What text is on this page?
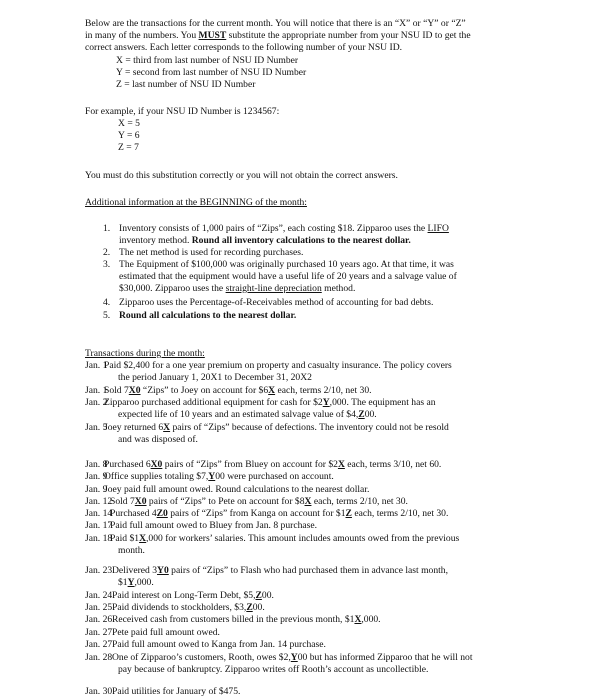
Below are the transactions for the current month. You will notice that there is an “X” or “Y” or “Z”
in many of the numbers. You MUST substitute the appropriate number from your NSU ID to get the
correct answers. Each letter corresponds to the following number of your NSU ID.
X = third from last number of NSU ID Number
Y = second from last number of NSU ID Number
Z = last number of NSU ID Number
For example, if your NSU ID Number is 1234567:
X = 5
Y = 6
Z = 7
You must do this substitution correctly or you will not obtain the correct answers.
Additional information at the BEGINNING of the month:
1. Inventory consists of 1,000 pairs of “Zips”, each costing $18. Zipparoo uses the LIFO
inventory method. Round all inventory calculations to the nearest dollar.
2. The net method is used for recording purchases.
3. The Equipment of $100,000 was originally purchased 10 years ago. At that time, it was
estimated that the equipment would have a useful life of 20 years and a salvage value of
$30,000. Zipparoo uses the straight-line depreciation method.
4. Zipparoo uses the Percentage-of-Receivables method of accounting for bad debts.
5. Round all calculations to the nearest dollar.
Transactions during the month:
Jan. 1
Paid $2,400 for a one year premium on property and casualty insurance. The policy covers
the period January 1, 20X1 to December 31, 20X2
Jan. 1
Sold 7X0 “Zips” to Joey on account for $6X each, terms 2/10, net 30.
Jan. 2
Zipparoo purchased additional equipment for cash for $2Y,000. The equipment has an
expected life of 10 years and an estimated salvage value of $4,Z00.
Jan. 5
Joey returned 6X pairs of “Zips” because of defections. The inventory could not be resold
and was disposed of.
Jan. 8
Purchased 6X0 pairs of “Zips” from Bluey on account for $2X each, terms 3/10, net 60.
Jan. 9
Office supplies totaling $7,Y00 were purchased on account.
Jan. 9
Joey paid full amount owed. Round calculations to the nearest dollar.
Jan. 12
Sold 7X0 pairs of “Zips” to Pete on account for $8X each, terms 2/10, net 30.
Jan. 14
Purchased 4Z0 pairs of “Zips” from Kanga on account for $1Z each, terms 2/10, net 30.
Jan. 17
Paid full amount owed to Bluey from Jan. 8 purchase.
Jan. 18
Paid $1X,000 for workers’ salaries. This amount includes amounts owed from the previous
month.
Jan. 23 Delivered 3Y0 pairs of “Zips” to Flash who had purchased them in advance last month,
$1Y,000.
Jan. 24 Paid interest on Long-Term Debt, $5,Z00.
Jan. 25 Paid dividends to stockholders, $3,Z00.
Jan. 26 Received cash from customers billed in the previous month, $1X,000.
Jan. 27 Pete paid full amount owed.
Jan. 27 Paid full amount owed to Kanga from Jan. 14 purchase.
Jan. 28 One of Zipparoo’s customers, Rooth, owes $2,Y00 but has informed Zipparoo that he will not
pay because of bankruptcy. Zipparoo writes off Rooth’s account as uncollectible.
Jan. 30 Paid utilities for January of $475.
